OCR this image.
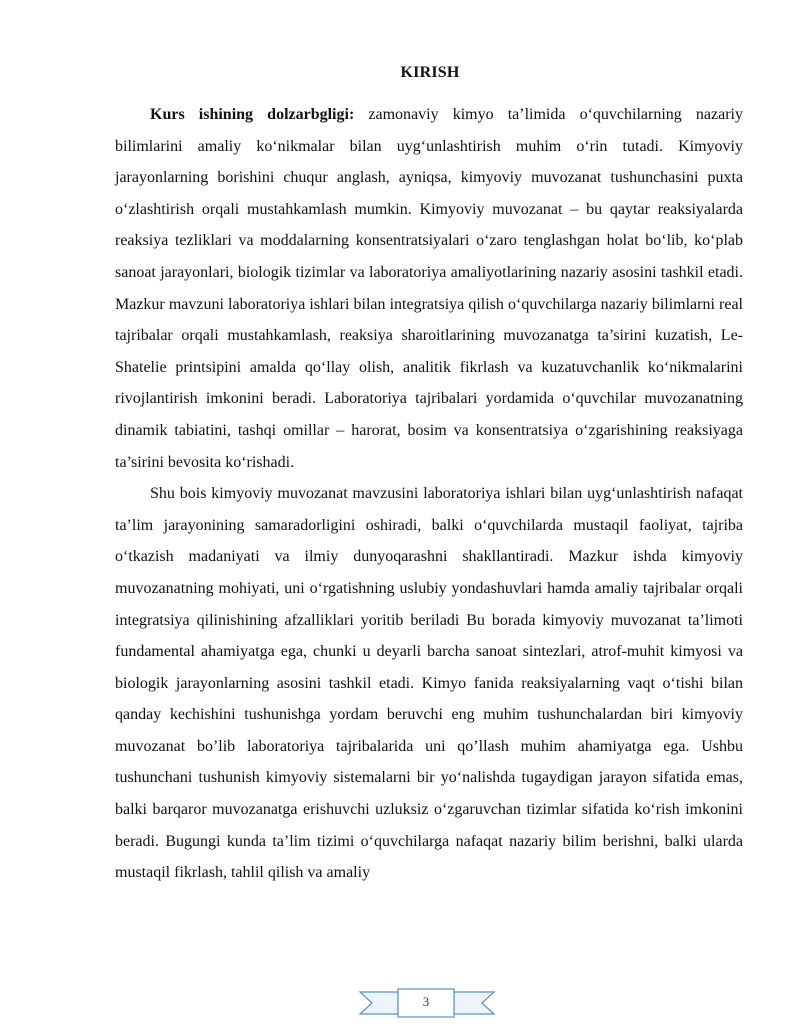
KIRISH

Kurs ishining dolzarbgligi: zamonaviy kimyo ta’limida o‘quvchilarning nazariy bilimlarini amaliy ko‘nikmalar bilan uyg‘unlashtirish muhim o‘rin tutadi. Kimyoviy jarayonlarning borishini chuqur anglash, ayniqsa, kimyoviy muvozanat tushunchasini puxta o‘zlashtirish orqali mustahkamlash mumkin. Kimyoviy muvozanat – bu qaytar reaksiyalarda reaksiya tezliklari va moddalarning konsentratsiyalari o‘zaro tenglashgan holat bo‘lib, ko‘plab sanoat jarayonlari, biologik tizimlar va laboratoriya amaliyotlarining nazariy asosini tashkil etadi. Mazkur mavzuni laboratoriya ishlari bilan integratsiya qilish o‘quvchilarga nazariy bilimlarni real tajribalar orqali mustahkamlash, reaksiya sharoitlarining muvozanatga ta’sirini kuzatish, Le-Shatelie printsipini amalda qo‘llay olish, analitik fikrlash va kuzatuvchanlik ko‘nikmalarini rivojlantirish imkonini beradi. Laboratoriya tajribalari yordamida o‘quvchilar muvozanatning dinamik tabiatini, tashqi omillar – harorat, bosim va konsentratsiya o‘zgarishining reaksiyaga ta’sirini bevosita ko‘rishadi.

Shu bois kimyoviy muvozanat mavzusini laboratoriya ishlari bilan uyg‘unlashtirish nafaqat ta’lim jarayonining samaradorligini oshiradi, balki o‘quvchilarda mustaqil faoliyat, tajriba o‘tkazish madaniyati va ilmiy dunyoqarashni shakllantiradi. Mazkur ishda kimyoviy muvozanatning mohiyati, uni o‘rgatishning uslubiy yondashuvlari hamda amaliy tajribalar orqali integratsiya qilinishining afzalliklari yoritib beriladi Bu borada kimyoviy muvozanat ta’limoti fundamental ahamiyatga ega, chunki u deyarli barcha sanoat sintezlari, atrof-muhit kimyosi va biologik jarayonlarning asosini tashkil etadi. Kimyo fanida reaksiyalarning vaqt o‘tishi bilan qanday kechishini tushunishga yordam beruvchi eng muhim tushunchalardan biri kimyoviy muvozanat bo’lib laboratoriya tajribalarida uni qo’llash muhim ahamiyatga ega. Ushbu tushunchani tushunish kimyoviy sistemalarni bir yo‘nalishda tugaydigan jarayon sifatida emas, balki barqaror muvozanatga erishuvchi uzluksiz o‘zgaruvchan tizimlar sifatida ko‘rish imkonini beradi. Bugungi kunda ta’lim tizimi o‘quvchilarga nafaqat nazariy bilim berishni, balki ularda mustaqil fikrlash, tahlil qilish va amaliy

3
